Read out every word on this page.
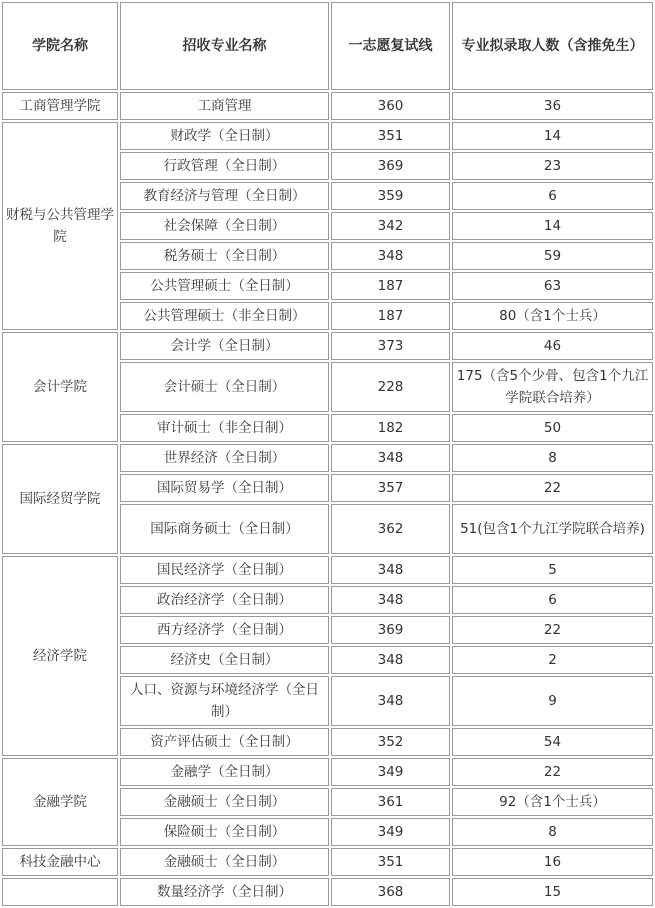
学院名称	招收专业名称	一志愿复试线	专业拟录取人数（含推免生）
工商管理学院	工商管理	360	36
财税与公共管理学院	财政学（全日制）	351	14
	行政管理（全日制）	369	23
	教育经济与管理（全日制）	359	6
	社会保障（全日制）	342	14
	税务硕士（全日制）	348	59
	公共管理硕士（全日制）	187	63
	公共管理硕士（非全日制）	187	80（含1个士兵）
会计学院	会计学（全日制）	373	46
	会计硕士（全日制）	228	175（含5个少骨、包含1个九江学院联合培养）
	审计硕士（非全日制）	182	50
国际经贸学院	世界经济（全日制）	348	8
	国际贸易学（全日制）	357	22
	国际商务硕士（全日制）	362	51(包含1个九江学院联合培养)
经济学院	国民经济学（全日制）	348	5
	政治经济学（全日制）	348	6
	西方经济学（全日制）	369	22
	经济史（全日制）	348	2
	人口、资源与环境经济学（全日制）	348	9
	资产评估硕士（全日制）	352	54
金融学院	金融学（全日制）	349	22
	金融硕士（全日制）	361	92（含1个士兵）
	保险硕士（全日制）	349	8
科技金融中心	金融硕士（全日制）	351	16
	数量经济学（全日制）	368	15
